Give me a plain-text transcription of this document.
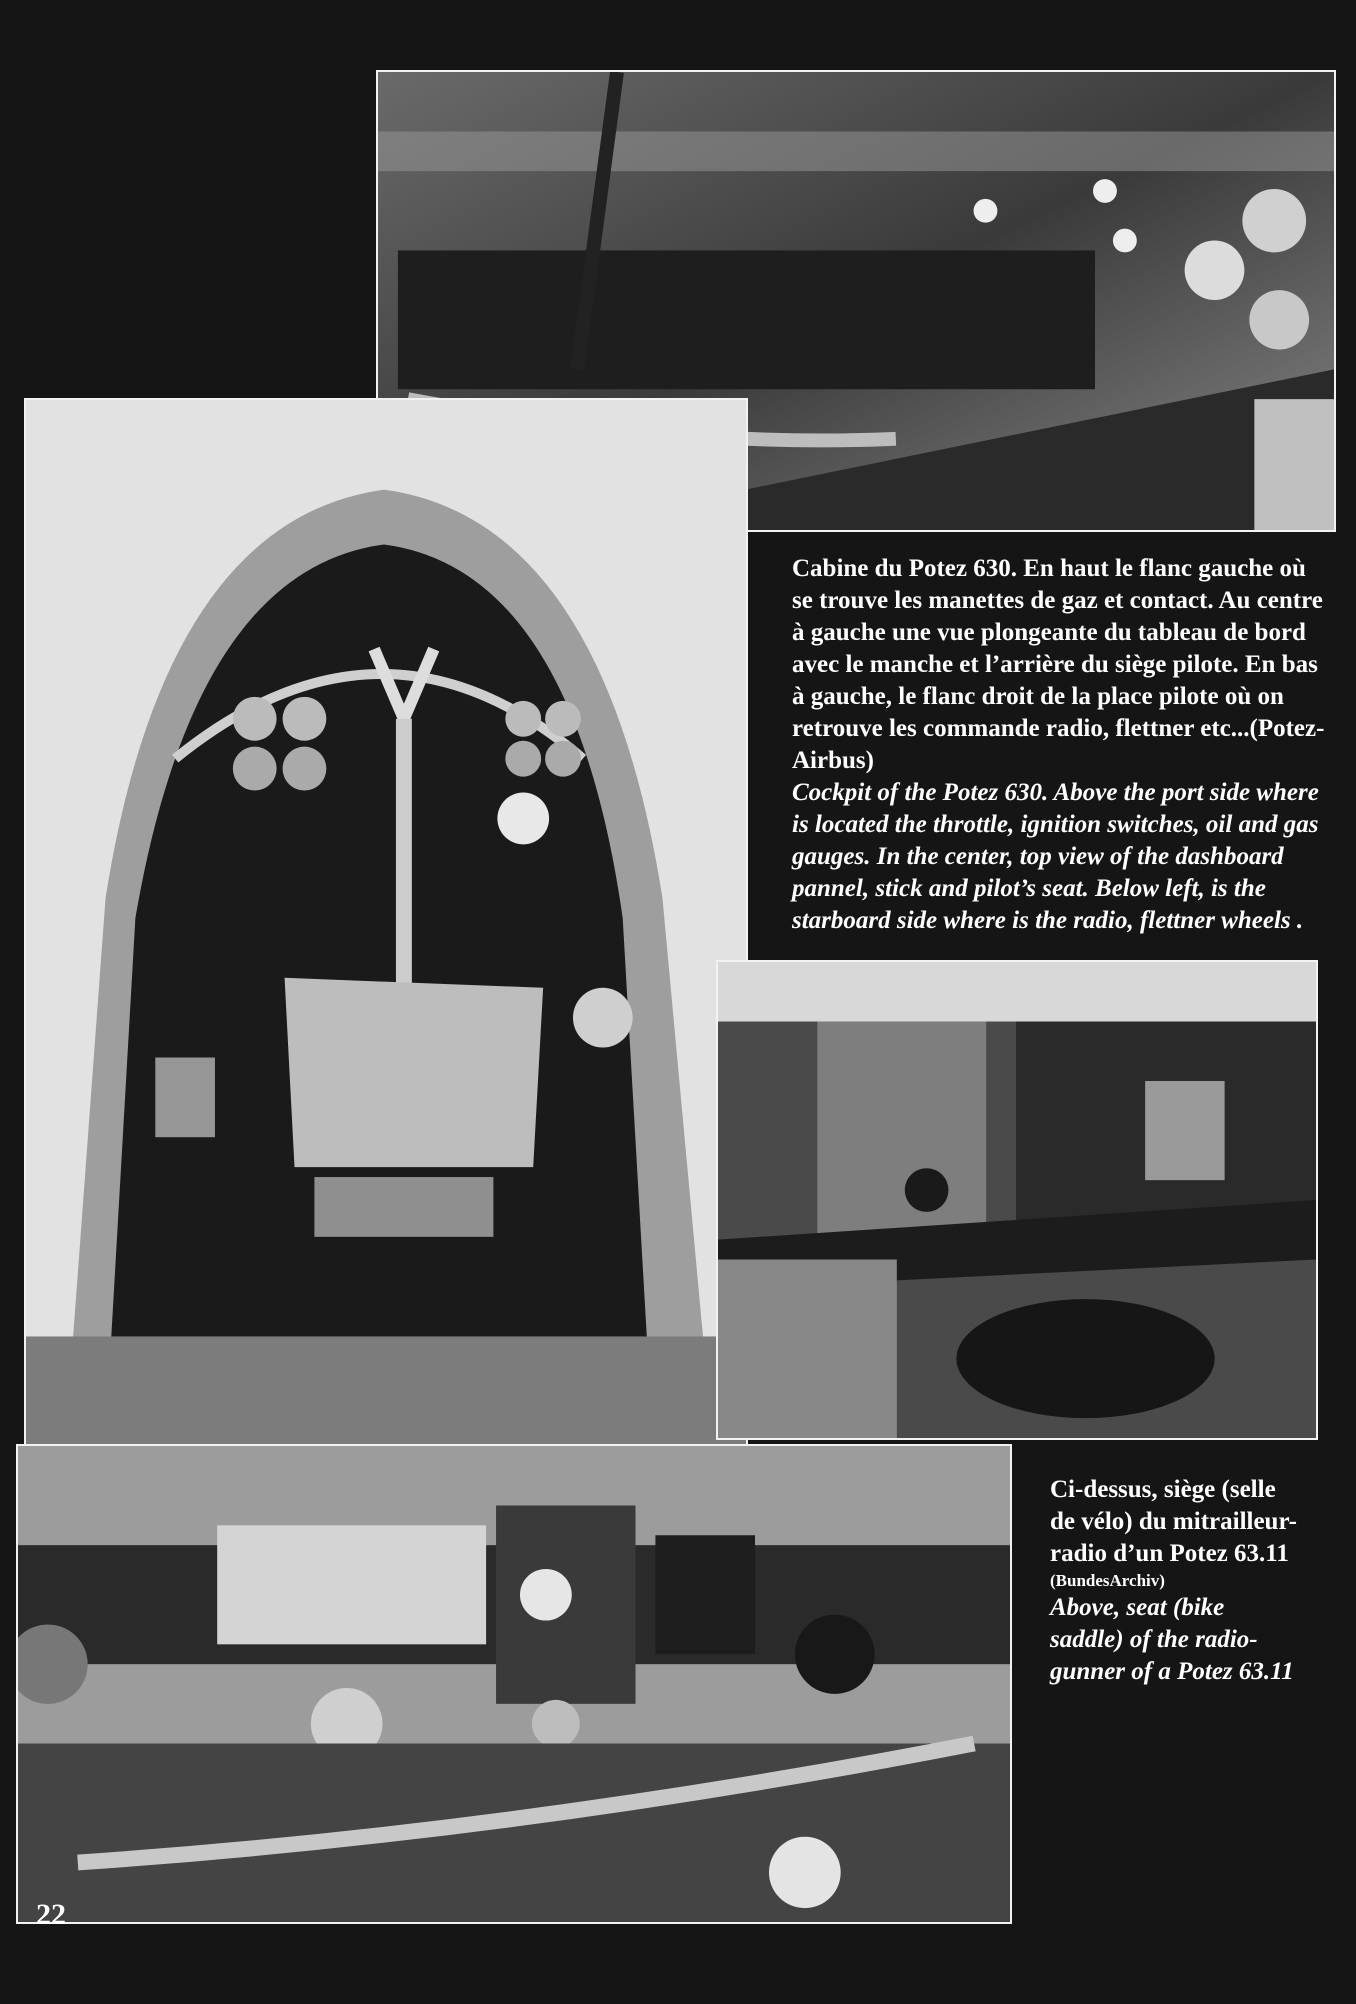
Cabine du Potez 630. En haut le flanc gauche où se trouve les manettes de gaz et contact. Au centre à gauche une vue plongeante du tableau de bord avec le manche et l’arrière du siège pilote. En bas à gauche, le flanc droit de la place pilote où on retrouve les commande radio, flettner etc...(Potez-Airbus)
Cockpit of the Potez 630. Above the port side where is located the throttle, ignition switches, oil and gas gauges. In the center, top view of the dashboard pannel, stick and pilot’s seat. Below left, is the starboard side where is the radio, flettner wheels .
Ci-dessus, siège (selle de vélo) du mitrailleur-radio d’un Potez 63.11
(BundesArchiv)
Above, seat (bike saddle) of the radio-gunner of a Potez 63.11
22
